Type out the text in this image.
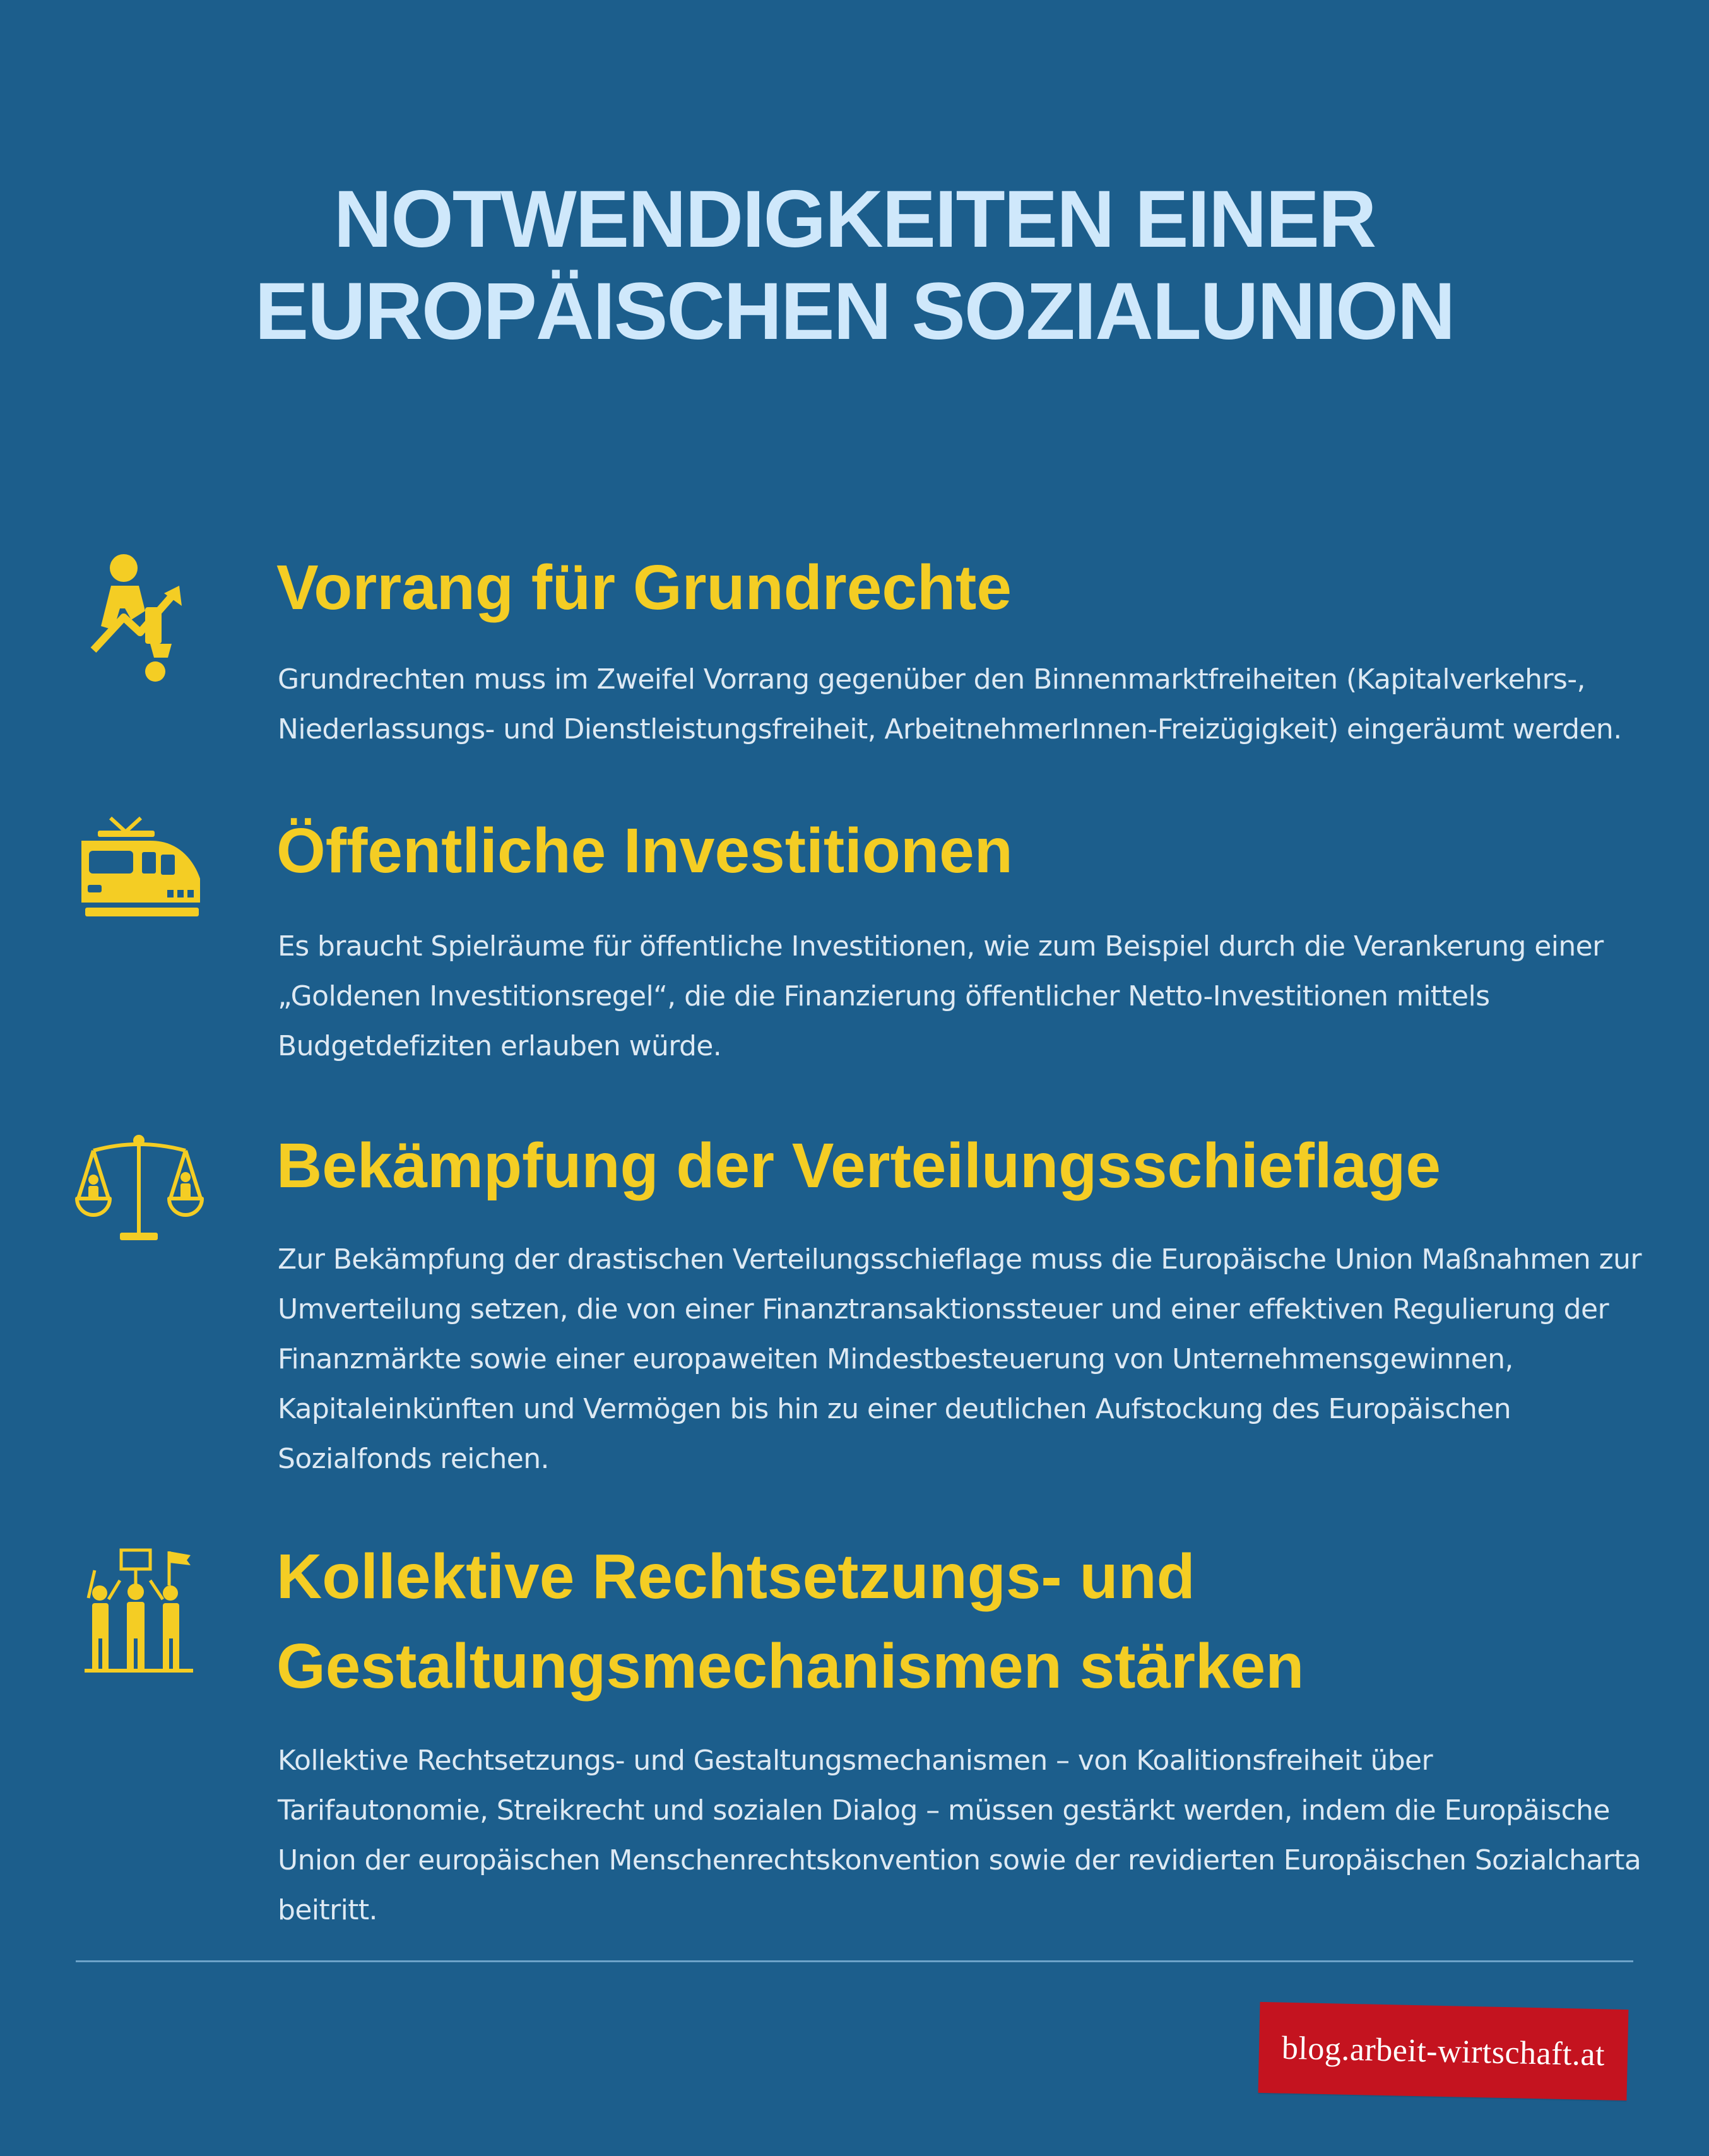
NOTWENDIGKEITEN EINER EUROPÄISCHEN SOZIALUNION
Vorrang für Grundrechte

Grundrechten muss im Zweifel Vorrang gegenüber den Binnenmarktfreiheiten (Kapitalverkehrs-, Niederlassungs- und Dienstleistungsfreiheit, ArbeitnehmerInnen-Freizügigkeit) eingeräumt werden.

Öffentliche Investitionen

Es braucht Spielräume für öffentliche Investitionen, wie zum Beispiel durch die Verankerung einer „Goldenen Investitionsregel“, die die Finanzierung öffentlicher Netto-Investitionen mittels Budgetdefiziten erlauben würde.

Bekämpfung der Verteilungsschieflage

Zur Bekämpfung der drastischen Verteilungsschieflage muss die Europäische Union Maßnahmen zur Umverteilung setzen, die von einer Finanztransaktionssteuer und einer effektiven Regulierung der Finanzmärkte sowie einer europaweiten Mindestbesteuerung von Unternehmensgewinnen, Kapitaleinkünften und Vermögen bis hin zu einer deutlichen Aufstockung des Europäischen Sozialfonds reichen.

Kollektive Rechtsetzungs- und Gestaltungsmechanismen stärken

Kollektive Rechtsetzungs- und Gestaltungsmechanismen – von Koalitionsfreiheit über Tarifautonomie, Streikrecht und sozialen Dialog – müssen gestärkt werden, indem die Europäische Union der europäischen Menschenrechtskonvention sowie der revidierten Europäischen Sozialcharta beitritt.

blog.arbeit-wirtschaft.at
